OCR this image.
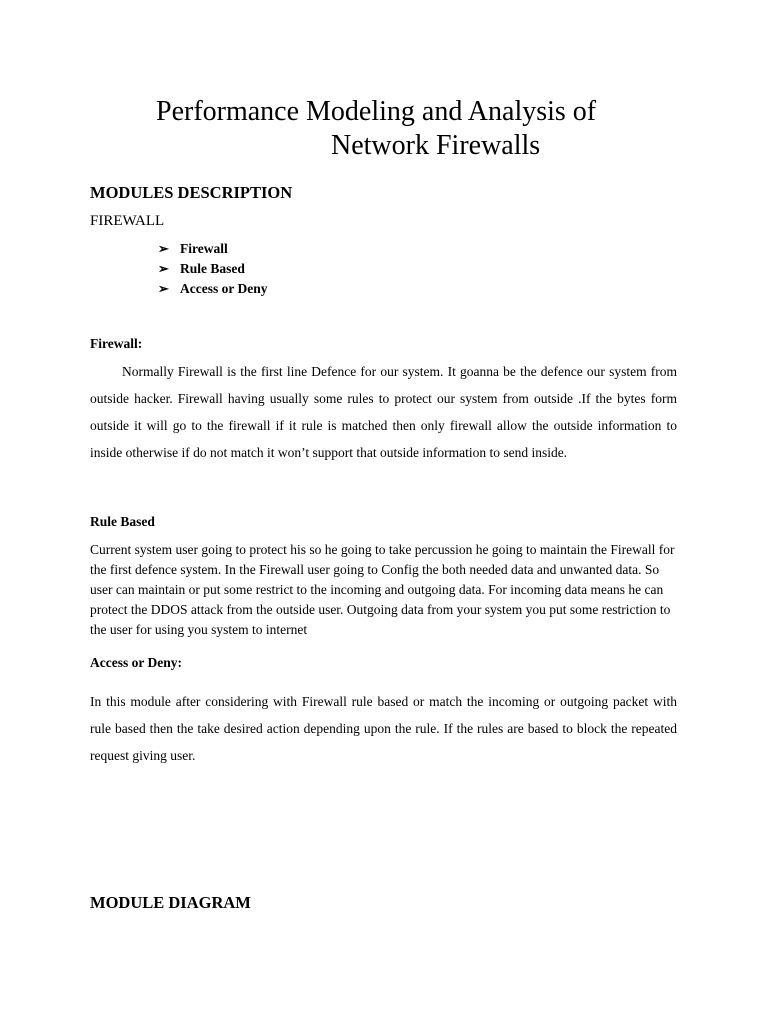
Performance Modeling and Analysis of
Network Firewalls
MODULES DESCRIPTION
FIREWALL
➢ Firewall
➢ Rule Based
➢ Access or Deny
Firewall:

Normally Firewall is the first line Defence for our system. It goanna be the defence our system from outside hacker. Firewall having usually some rules to protect our system from outside .If the bytes form outside it will go to the firewall if it rule is matched then only firewall allow the outside information to inside otherwise if do not match it won’t support that outside information to send inside.

Rule Based

Current system user going to protect his so he going to take percussion he going to maintain the Firewall for the first defence system. In the Firewall user going to Config the both needed data and unwanted data. So user can maintain or put some restrict to the incoming and outgoing data. For incoming data means he can protect the DDOS attack from the outside user. Outgoing data from your system you put some restriction to the user for using you system to internet

Access or Deny:

In this module after considering with Firewall rule based or match the incoming or outgoing packet with rule based then the take desired action depending upon the rule. If the rules are based to block the repeated request giving user.

MODULE DIAGRAM
